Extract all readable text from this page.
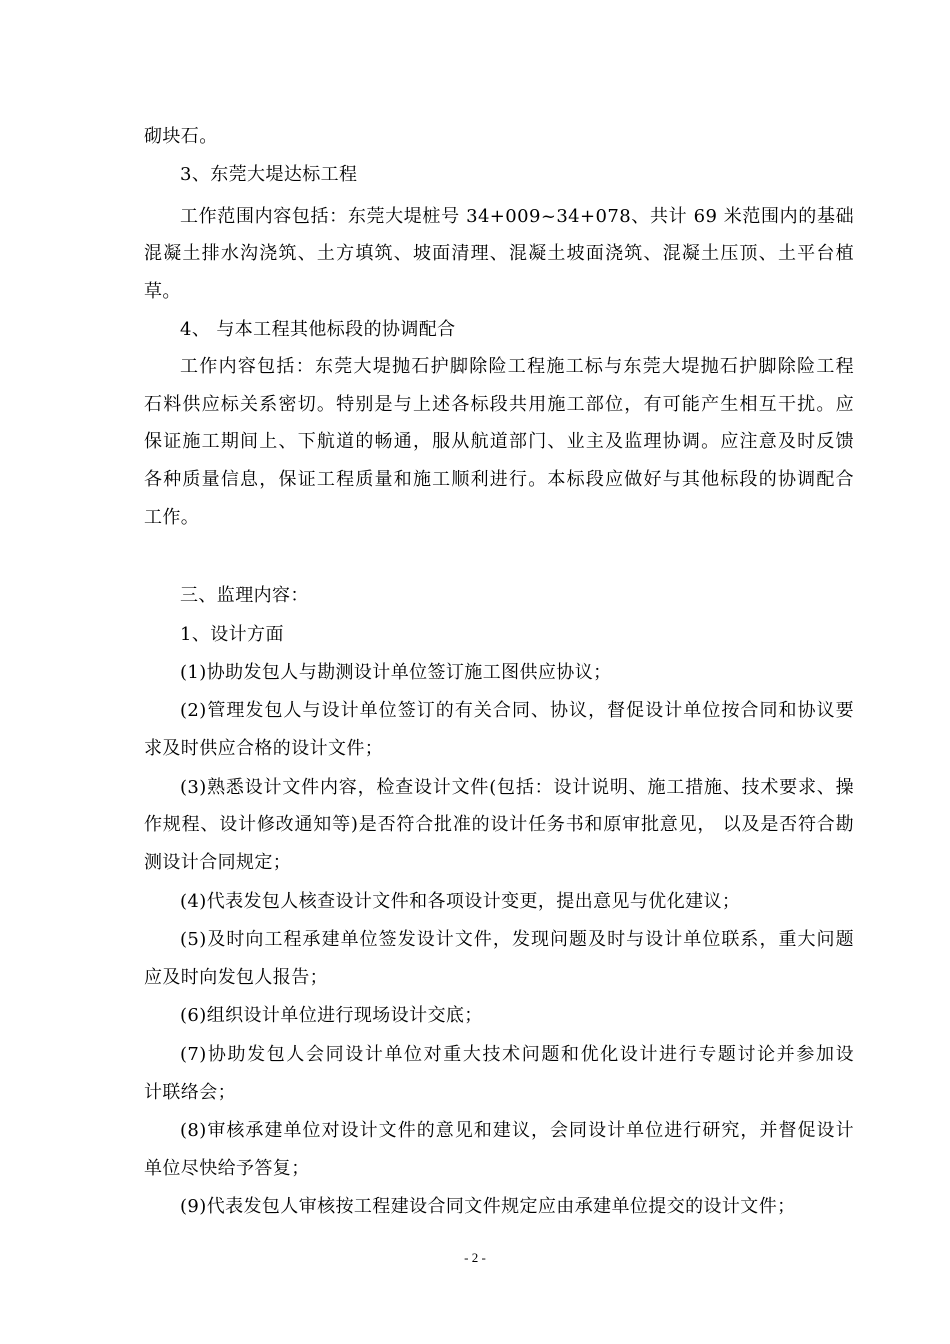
砌块石。
3、东莞大堤达标工程
工作范围内容包括：东莞大堤桩号 34+009~34+078、共计 69 米范围内的基础
混凝土排水沟浇筑、土方填筑、坡面清理、混凝土坡面浇筑、混凝土压顶、土平台植
草。
4、 与本工程其他标段的协调配合
工作内容包括：东莞大堤抛石护脚除险工程施工标与东莞大堤抛石护脚除险工程
石料供应标关系密切。特别是与上述各标段共用施工部位，有可能产生相互干扰。应
保证施工期间上、下航道的畅通，服从航道部门、业主及监理协调。应注意及时反馈
各种质量信息，保证工程质量和施工顺利进行。本标段应做好与其他标段的协调配合
工作。
三、监理内容：
1、设计方面
(1)协助发包人与勘测设计单位签订施工图供应协议；
(2)管理发包人与设计单位签订的有关合同、协议，督促设计单位按合同和协议要
求及时供应合格的设计文件；
(3)熟悉设计文件内容，检查设计文件(包括：设计说明、施工措施、技术要求、操
作规程、设计修改通知等)是否符合批准的设计任务书和原审批意见， 以及是否符合勘
测设计合同规定；
(4)代表发包人核查设计文件和各项设计变更，提出意见与优化建议；
(5)及时向工程承建单位签发设计文件，发现问题及时与设计单位联系，重大问题
应及时向发包人报告；
(6)组织设计单位进行现场设计交底；
(7)协助发包人会同设计单位对重大技术问题和优化设计进行专题讨论并参加设
计联络会；
(8)审核承建单位对设计文件的意见和建议，会同设计单位进行研究，并督促设计
单位尽快给予答复；
(9)代表发包人审核按工程建设合同文件规定应由承建单位提交的设计文件；
- 2 -
